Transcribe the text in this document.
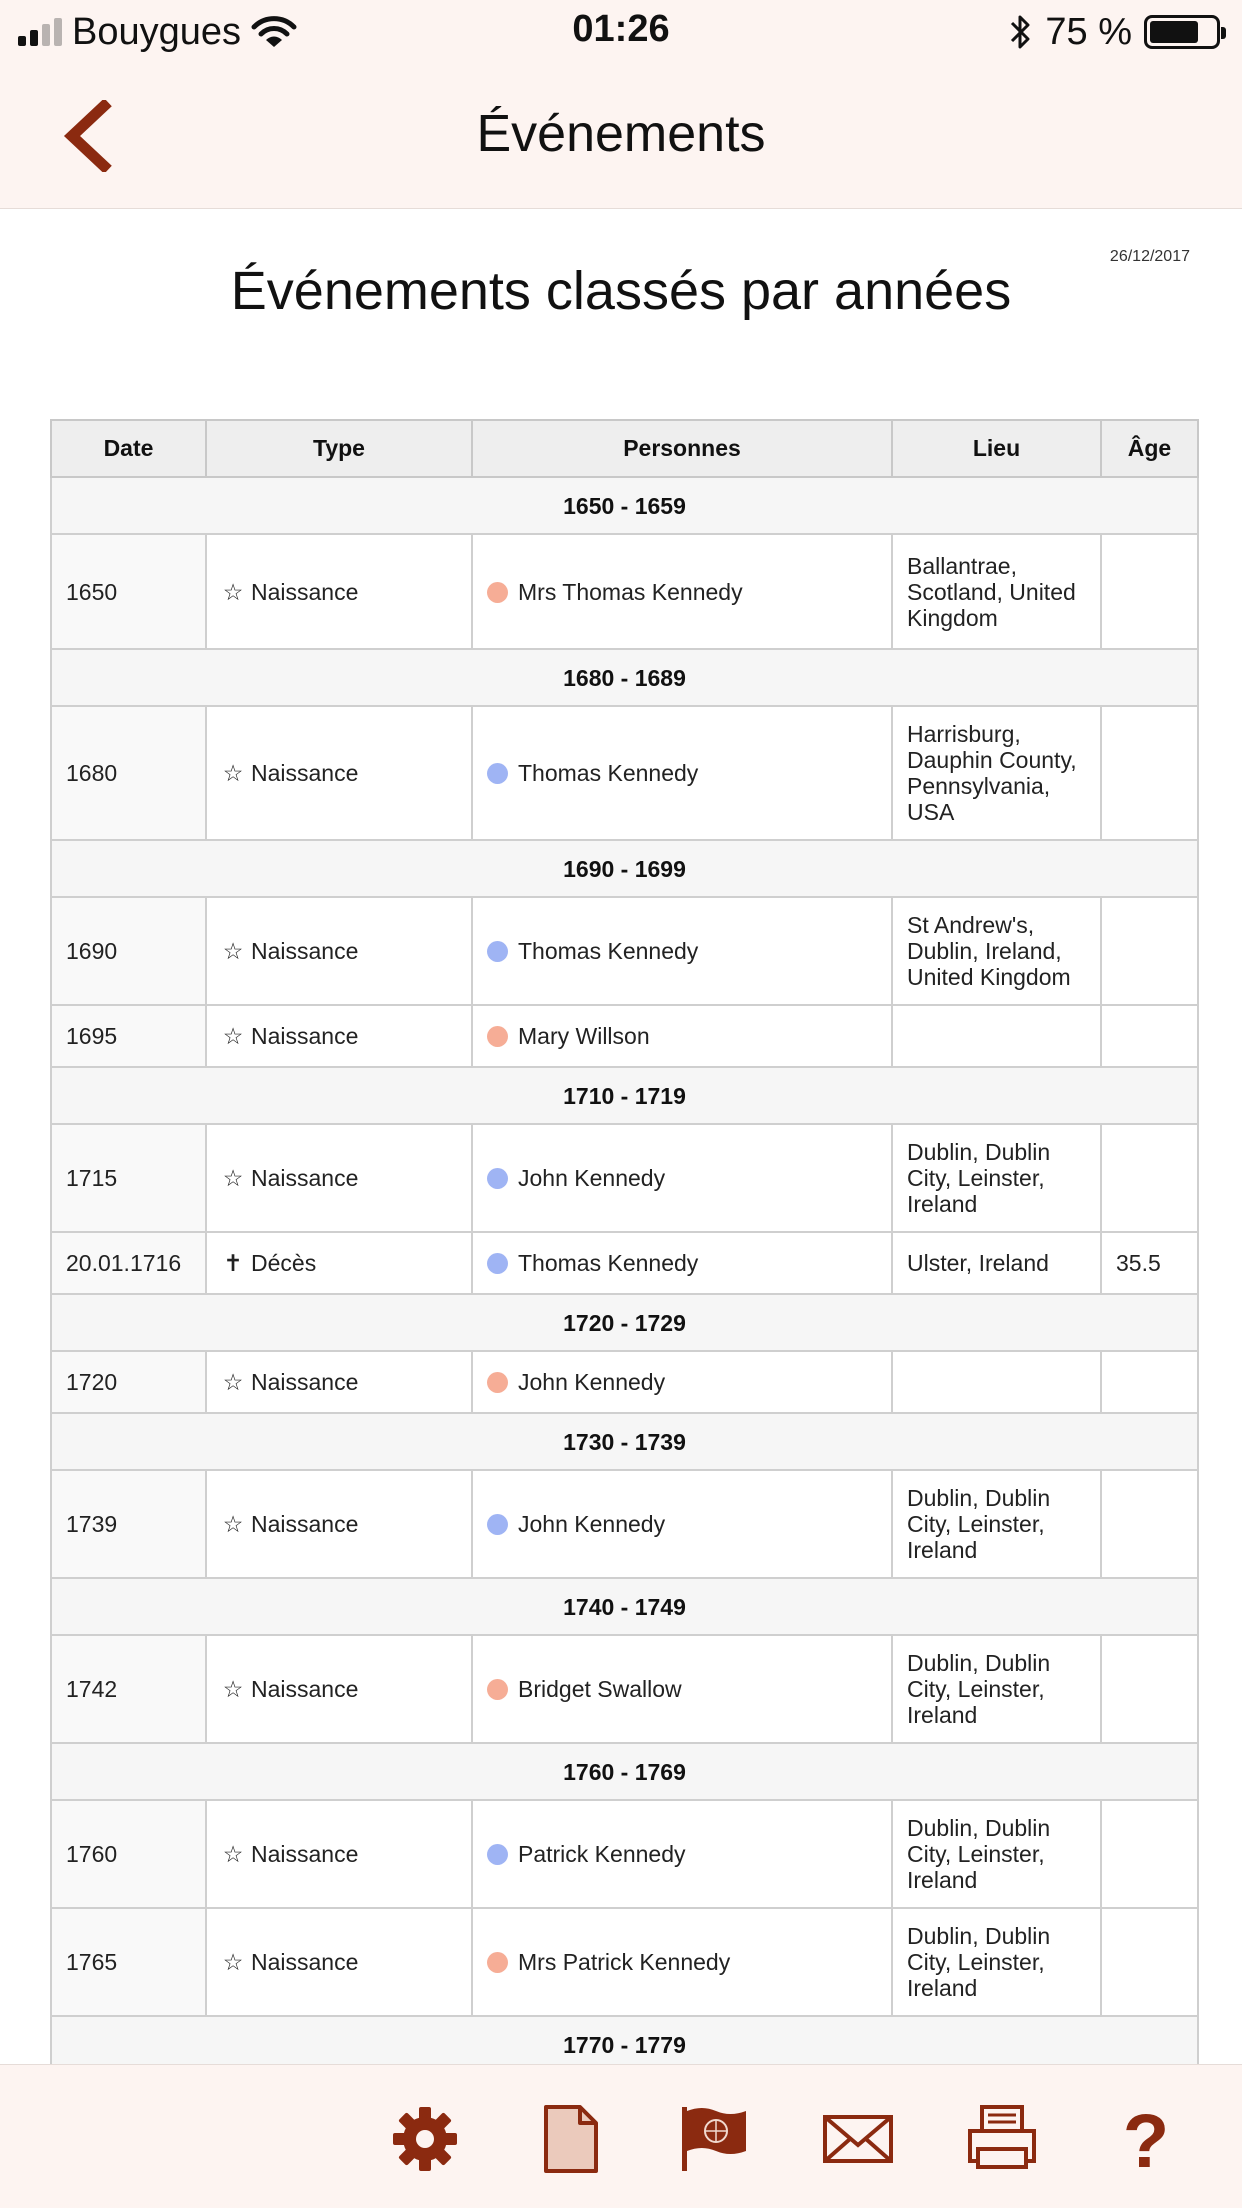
Bouygues	01:26	75 %
Événements
26/12/2017
Événements classés par années
Date	Type	Personnes	Lieu	Âge
1650 - 1659				
1650	☆ Naissance	Mrs Thomas Kennedy	Ballantrae, Scotland, United Kingdom	
1680 - 1689				
1680	☆ Naissance	Thomas Kennedy	Harrisburg, Dauphin County, Pennsylvania, USA	
1690 - 1699				
1690	☆ Naissance	Thomas Kennedy	St Andrew's, Dublin, Ireland, United Kingdom	
1695	☆ Naissance	Mary Willson		
1710 - 1719				
1715	☆ Naissance	John Kennedy	Dublin, Dublin City, Leinster, Ireland	
20.01.1716	✝ Décès	Thomas Kennedy	Ulster, Ireland	35.5
1720 - 1729				
1720	☆ Naissance	John Kennedy		
1730 - 1739				
1739	☆ Naissance	John Kennedy	Dublin, Dublin City, Leinster, Ireland	
1740 - 1749				
1742	☆ Naissance	Bridget Swallow	Dublin, Dublin City, Leinster, Ireland	
1760 - 1769				
1760	☆ Naissance	Patrick Kennedy	Dublin, Dublin City, Leinster, Ireland	
1765	☆ Naissance	Mrs Patrick Kennedy	Dublin, Dublin City, Leinster, Ireland	
1770 - 1779				
?
